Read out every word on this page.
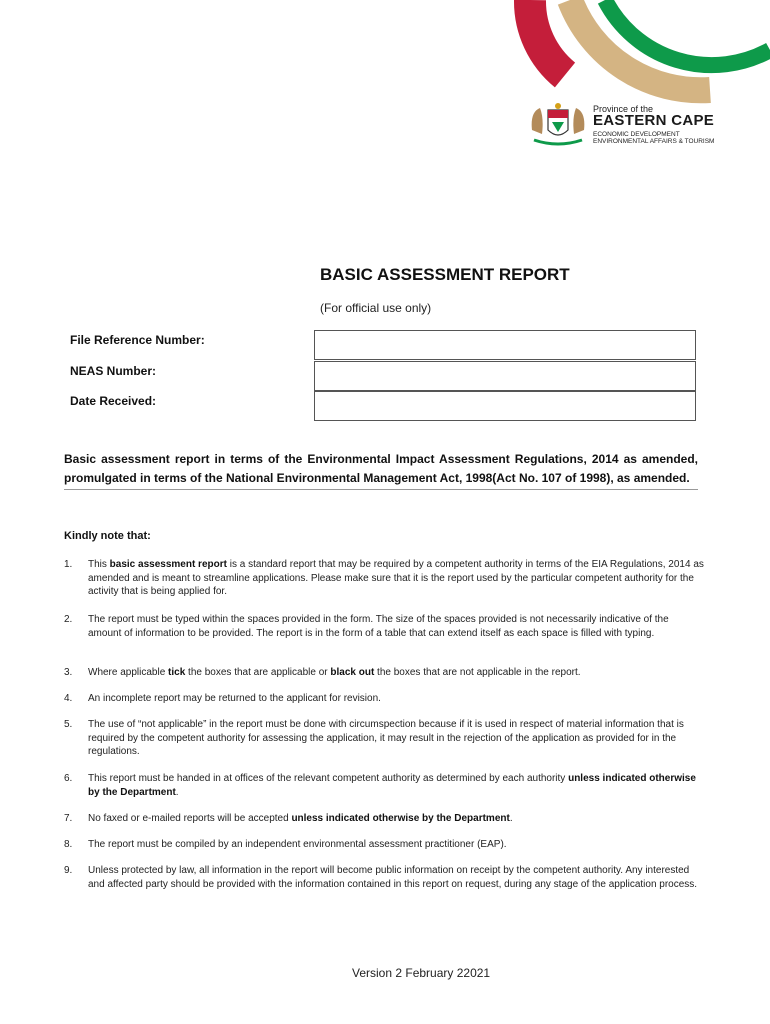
Province of the
EASTERN CAPE
ECONOMIC DEVELOPMENT
ENVIRONMENTAL AFFAIRS & TOURISM
BASIC ASSESSMENT REPORT
(For official use only)
File Reference Number:
NEAS Number:
Date Received:
Basic assessment report in terms of the Environmental Impact Assessment Regulations, 2014 as amended, promulgated in terms of the National Environmental Management Act, 1998(Act No. 107 of 1998), as amended.
Kindly note that:
1.	This basic assessment report is a standard report that may be required by a competent authority in terms of the EIA Regulations, 2014 as amended and is meant to streamline applications. Please make sure that it is the report used by the particular competent authority for the activity that is being applied for.
2.	The report must be typed within the spaces provided in the form. The size of the spaces provided is not necessarily indicative of the amount of information to be provided. The report is in the form of a table that can extend itself as each space is filled with typing.
3.	Where applicable tick the boxes that are applicable or black out the boxes that are not applicable in the report.
4.	An incomplete report may be returned to the applicant for revision.
5.	The use of “not applicable” in the report must be done with circumspection because if it is used in respect of material information that is required by the competent authority for assessing the application, it may result in the rejection of the application as provided for in the regulations.
6.	This report must be handed in at offices of the relevant competent authority as determined by each authority unless indicated otherwise by the Department.
7.	No faxed or e-mailed reports will be accepted unless indicated otherwise by the Department.
8.	The report must be compiled by an independent environmental assessment practitioner (EAP).
9.	Unless protected by law, all information in the report will become public information on receipt by the competent authority. Any interested and affected party should be provided with the information contained in this report on request, during any stage of the application process.
Version 2 February 22021
